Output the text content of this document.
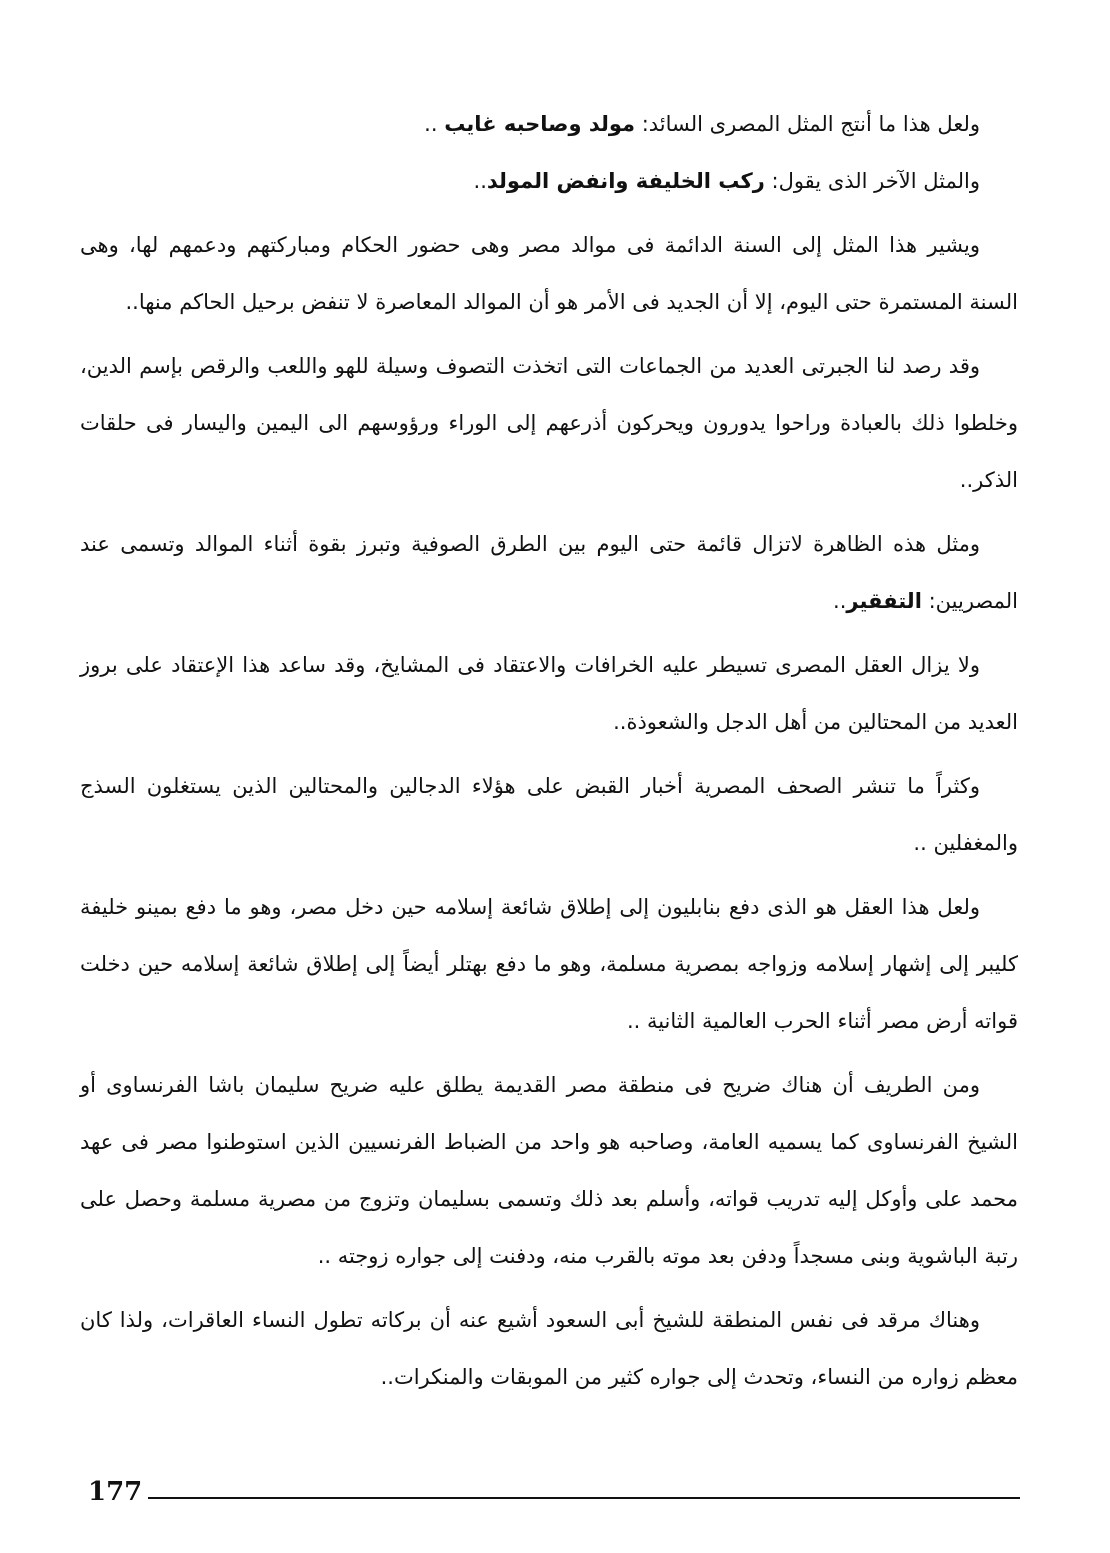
ولعل هذا ما أنتج المثل المصرى السائد: مولد وصاحبه غايب ..

والمثل الآخر الذى يقول: ركب الخليفة وانفض المولد..

ويشير هذا المثل إلى السنة الدائمة فى موالد مصر وهى حضور الحكام ومباركتهم ودعمهم لها، وهى السنة المستمرة حتى اليوم، إلا أن الجديد فى الأمر هو أن الموالد المعاصرة لا تنفض برحيل الحاكم منها..

وقد رصد لنا الجبرتى العديد من الجماعات التى اتخذت التصوف وسيلة للهو واللعب والرقص بإسم الدين، وخلطوا ذلك بالعبادة وراحوا يدورون ويحركون أذرعهم إلى الوراء ورؤوسهم الى اليمين واليسار فى حلقات الذكر..

ومثل هذه الظاهرة لاتزال قائمة حتى اليوم بين الطرق الصوفية وتبرز بقوة أثناء الموالد وتسمى عند المصريين: التفقير..

ولا يزال العقل المصرى تسيطر عليه الخرافات والاعتقاد فى المشايخ، وقد ساعد هذا الإعتقاد على بروز العديد من المحتالين من أهل الدجل والشعوذة..

وكثراً ما تنشر الصحف المصرية أخبار القبض على هؤلاء الدجالين والمحتالين الذين يستغلون السذج والمغفلين ..

ولعل هذا العقل هو الذى دفع بنابليون إلى إطلاق شائعة إسلامه حين دخل مصر، وهو ما دفع بمينو خليفة كليبر إلى إشهار إسلامه وزواجه بمصرية مسلمة، وهو ما دفع بهتلر أيضاً إلى إطلاق شائعة إسلامه حين دخلت قواته أرض مصر أثناء الحرب العالمية الثانية ..

ومن الطريف أن هناك ضريح فى منطقة مصر القديمة يطلق عليه ضريح سليمان باشا الفرنساوى أو الشيخ الفرنساوى كما يسميه العامة، وصاحبه هو واحد من الضباط الفرنسيين الذين استوطنوا مصر فى عهد محمد على وأوكل إليه تدريب قواته، وأسلم بعد ذلك وتسمى بسليمان وتزوج من مصرية مسلمة وحصل على رتبة الباشوية وبنى مسجداً ودفن بعد موته بالقرب منه، ودفنت إلى جواره زوجته ..

وهناك مرقد فى نفس المنطقة للشيخ أبى السعود أشيع عنه أن بركاته تطول النساء العاقرات، ولذا كان معظم زواره من النساء، وتحدث إلى جواره كثير من الموبقات والمنكرات..

177
